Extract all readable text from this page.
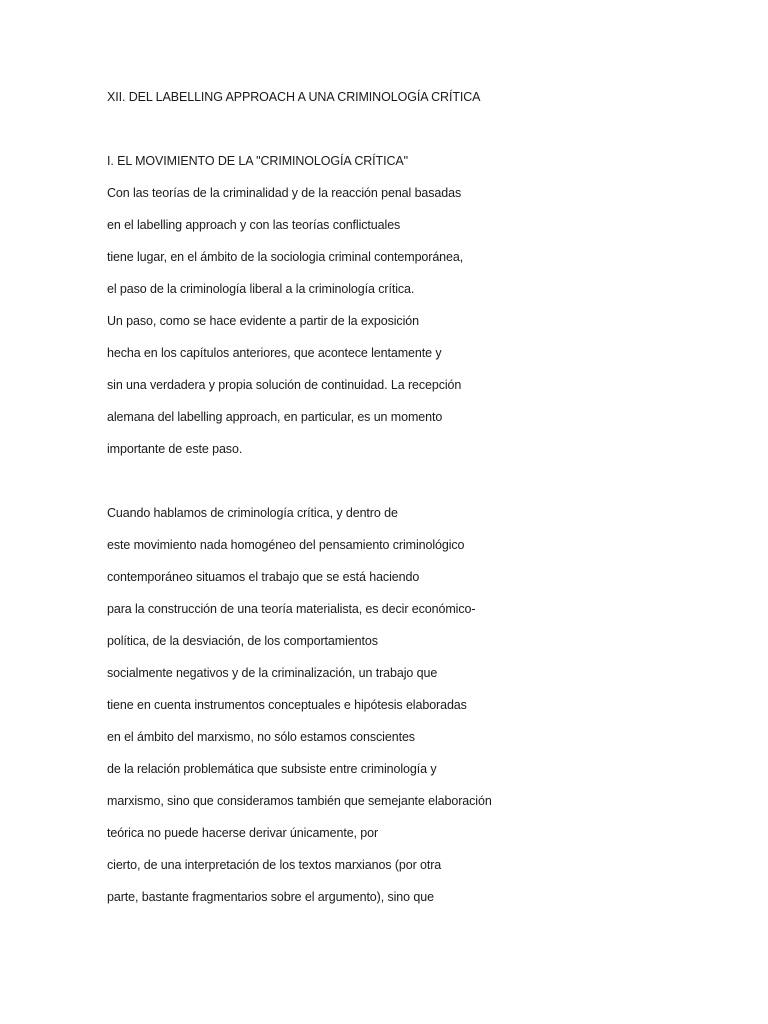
XII. DEL LABELLING APPROACH A UNA CRIMINOLOGÍA CRÍTICA
I. EL MOVIMIENTO DE LA "CRIMINOLOGÍA CRÍTICA"
Con las teorías de la criminalidad y de la reacción penal basadas
en el labelling approach y con las teorías conflictuales
tiene lugar, en el ámbito de la sociologia criminal contemporánea,
el paso de la criminología liberal a la criminología crítica.
Un paso, como se hace evidente a partir de la exposición
hecha en los capítulos anteriores, que acontece lentamente y
sin una verdadera y propia solución de continuidad. La recepción
alemana del labelling approach, en particular, es un momento
importante de este paso.
Cuando hablamos de criminología crítica, y dentro de
este movimiento nada homogéneo del pensamiento criminológico
contemporáneo situamos el trabajo que se está haciendo
para la construcción de una teoría materialista, es decir económico-
política, de la desviación, de los comportamientos
socialmente negativos y de la criminalización, un trabajo que
tiene en cuenta instrumentos conceptuales e hipótesis elaboradas
en el ámbito del marxismo, no sólo estamos conscientes
de la relación problemática que subsiste entre criminología y
marxismo, sino que consideramos también que semejante elaboración
teórica no puede hacerse derivar únicamente, por
cierto, de una interpretación de los textos marxianos (por otra
parte, bastante fragmentarios sobre el argumento), sino que
